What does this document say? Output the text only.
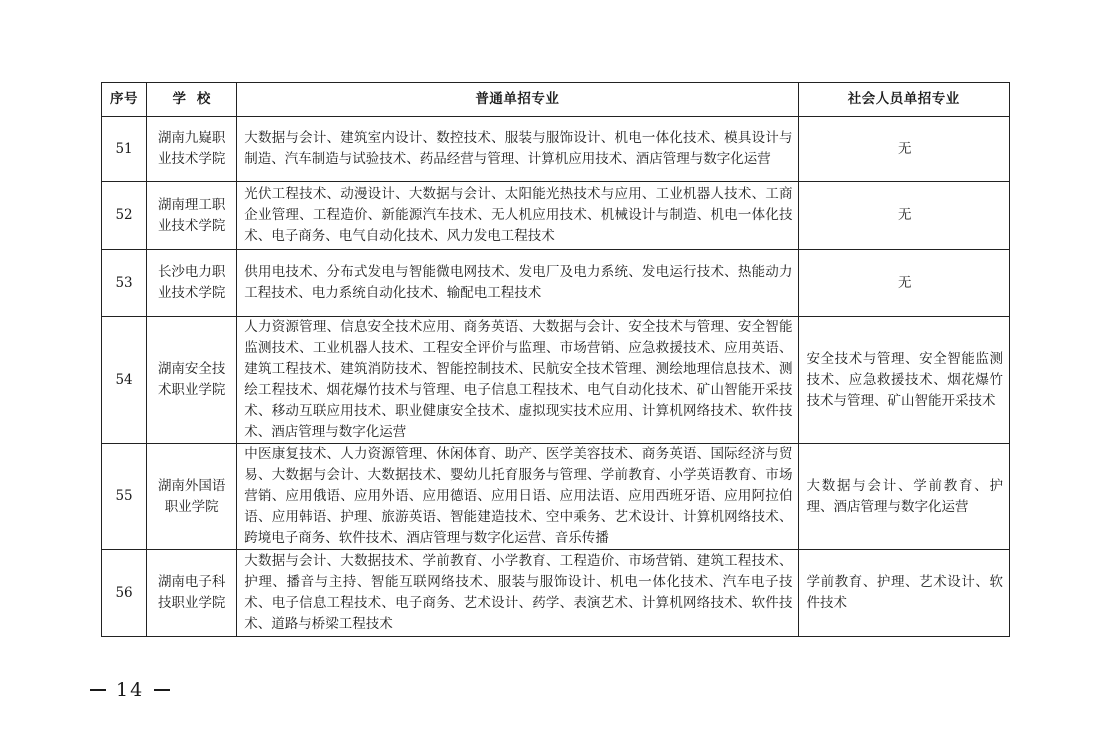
序号	学  校	普通单招专业	社会人员单招专业
51	湖南九嶷职业技术学院	大数据与会计、建筑室内设计、数控技术、服装与服饰设计、机电一体化技术、模具设计与制造、汽车制造与试验技术、药品经营与管理、计算机应用技术、酒店管理与数字化运营	无
52	湖南理工职业技术学院	光伏工程技术、动漫设计、大数据与会计、太阳能光热技术与应用、工业机器人技术、工商企业管理、工程造价、新能源汽车技术、无人机应用技术、机械设计与制造、机电一体化技术、电子商务、电气自动化技术、风力发电工程技术	无
53	长沙电力职业技术学院	供用电技术、分布式发电与智能微电网技术、发电厂及电力系统、发电运行技术、热能动力工程技术、电力系统自动化技术、输配电工程技术	无
54	湖南安全技术职业学院	人力资源管理、信息安全技术应用、商务英语、大数据与会计、安全技术与管理、安全智能监测技术、工业机器人技术、工程安全评价与监理、市场营销、应急救援技术、应用英语、建筑工程技术、建筑消防技术、智能控制技术、民航安全技术管理、测绘地理信息技术、测绘工程技术、烟花爆竹技术与管理、电子信息工程技术、电气自动化技术、矿山智能开采技术、移动互联应用技术、职业健康安全技术、虚拟现实技术应用、计算机网络技术、软件技术、酒店管理与数字化运营	安全技术与管理、安全智能监测技术、应急救援技术、烟花爆竹技术与管理、矿山智能开采技术
55	湖南外国语职业学院	中医康复技术、人力资源管理、休闲体育、助产、医学美容技术、商务英语、国际经济与贸易、大数据与会计、大数据技术、婴幼儿托育服务与管理、学前教育、小学英语教育、市场营销、应用俄语、应用外语、应用德语、应用日语、应用法语、应用西班牙语、应用阿拉伯语、应用韩语、护理、旅游英语、智能建造技术、空中乘务、艺术设计、计算机网络技术、跨境电子商务、软件技术、酒店管理与数字化运营、音乐传播	大数据与会计、学前教育、护理、酒店管理与数字化运营
56	湖南电子科技职业学院	大数据与会计、大数据技术、学前教育、小学教育、工程造价、市场营销、建筑工程技术、护理、播音与主持、智能互联网络技术、服装与服饰设计、机电一体化技术、汽车电子技术、电子信息工程技术、电子商务、艺术设计、药学、表演艺术、计算机网络技术、软件技术、道路与桥梁工程技术	学前教育、护理、艺术设计、软件技术
14
